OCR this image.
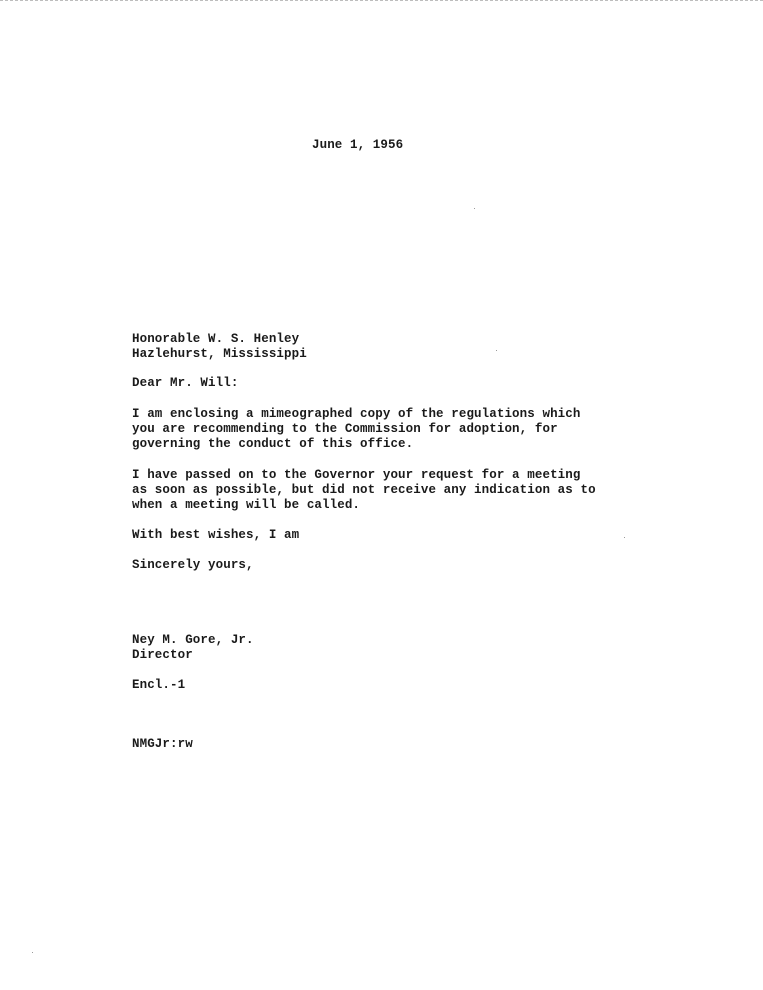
June 1, 1956
Honorable W. S. Henley
Hazlehurst, Mississippi
Dear Mr. Will:
I am enclosing a mimeographed copy of the regulations which
you are recommending to the Commission for adoption, for
governing the conduct of this office.
I have passed on to the Governor your request for a meeting
as soon as possible, but did not receive any indication as to
when a meeting will be called.
With best wishes, I am
Sincerely yours,
Ney M. Gore, Jr.
Director
Encl.-1
NMGJr:rw
